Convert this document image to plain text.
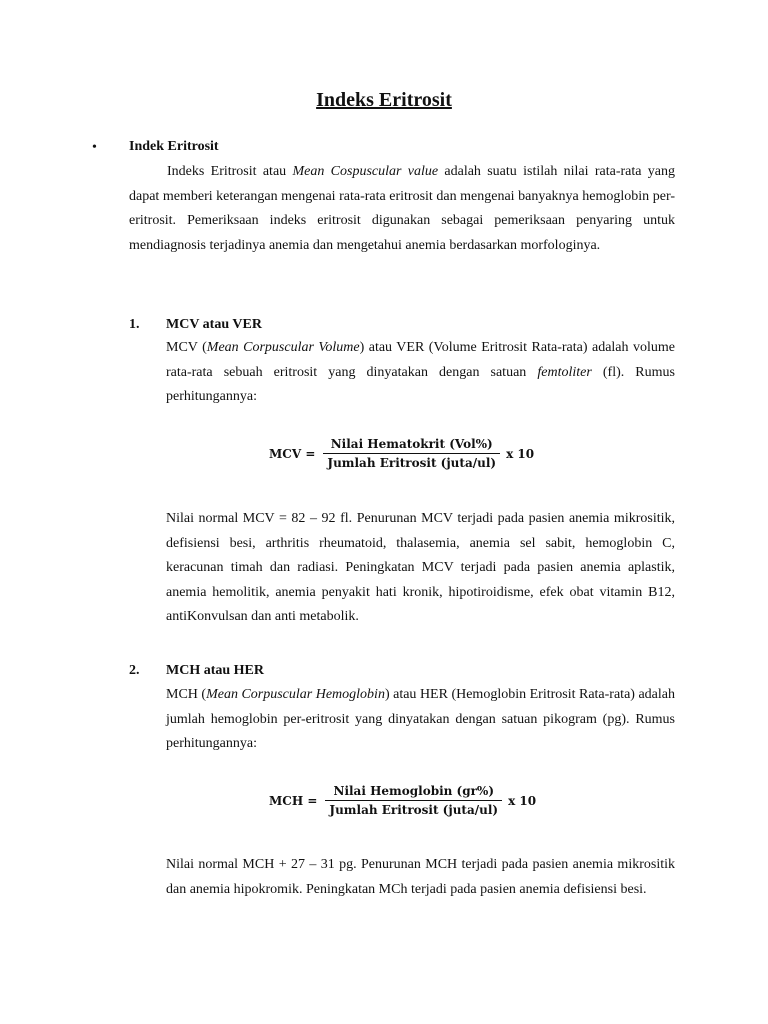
Indeks Eritrosit
• Indek Eritrosit

Indeks Eritrosit atau Mean Cospuscular value adalah suatu istilah nilai rata-rata yang dapat memberi keterangan mengenai rata-rata eritrosit dan mengenai banyaknya hemoglobin per-eritrosit. Pemeriksaan indeks eritrosit digunakan sebagai pemeriksaan penyaring untuk mendiagnosis terjadinya anemia dan mengetahui anemia berdasarkan morfologinya.

1. MCV atau VER

MCV (Mean Corpuscular Volume) atau VER (Volume Eritrosit Rata-rata) adalah volume rata-rata sebuah eritrosit yang dinyatakan dengan satuan femtoliter (fl). Rumus perhitungannya:

MCV = $\frac{\text{Nilai Hematokrit (Vol\%)}}{\text{Jumlah Eritrosit (juta/ul)}}$ x 10

Nilai normal MCV = 82 – 92 fl. Penurunan MCV terjadi pada pasien anemia mikrositik, defisiensi besi, arthritis rheumatoid, thalasemia, anemia sel sabit, hemoglobin C, keracunan timah dan radiasi. Peningkatan MCV terjadi pada pasien anemia aplastik, anemia hemolitik, anemia penyakit hati kronik, hipotiroidisme, efek obat vitamin B12, antiKonvulsan dan anti metabolik.

2. MCH atau HER

MCH (Mean Corpuscular Hemoglobin) atau HER (Hemoglobin Eritrosit Rata-rata) adalah jumlah hemoglobin per-eritrosit yang dinyatakan dengan satuan pikogram (pg). Rumus perhitungannya:

MCH = $\frac{\text{Nilai Hemoglobin (gr\%)}}{\text{Jumlah Eritrosit (juta/ul)}}$ x 10

Nilai normal MCH + 27 – 31 pg. Penurunan MCH terjadi pada pasien anemia mikrositik dan anemia hipokromik. Peningkatan MCh terjadi pada pasien anemia defisiensi besi.
